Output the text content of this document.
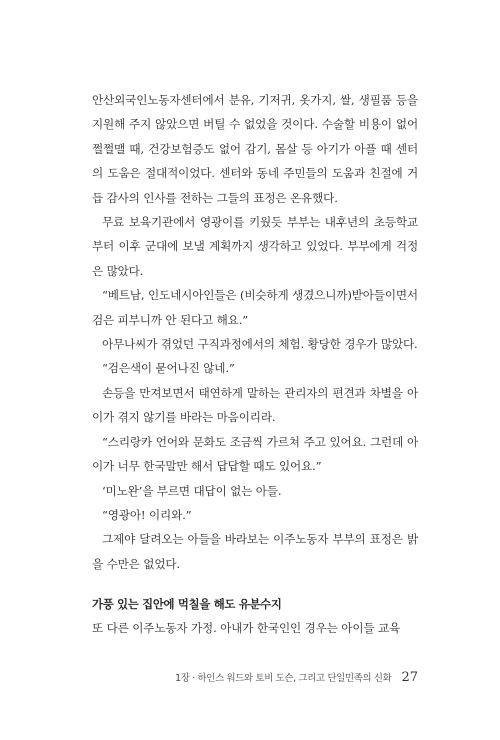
안산외국인노동자센터에서 분유, 기저귀, 옷가지, 쌀, 생필품 등을 지원해 주지 않았으면 버틸 수 없었을 것이다. 수술할 비용이 없어 쩔쩔맬 때, 건강보험증도 없어 감기, 몸살 등 아기가 아플 때 센터의 도움은 절대적이었다. 센터와 동네 주민들의 도움과 친절에 거듭 감사의 인사를 전하는 그들의 표정은 온유했다.

무료 보육기관에서 영광이를 키웠듯 부부는 내후년의 초등학교부터 이후 군대에 보낼 계획까지 생각하고 있었다. 부부에게 걱정은 많았다.

“베트남, 인도네시아인들은 (비슷하게 생겼으니까)받아들이면서 검은 피부니까 안 된다고 해요.”

아무나씨가 겪었던 구직과정에서의 체험. 황당한 경우가 많았다.

“검은색이 묻어나진 않네.”

손등을 만져보면서 태연하게 말하는 관리자의 편견과 차별을 아이가 겪지 않기를 바라는 마음이리라.

“스리랑카 언어와 문화도 조금씩 가르쳐 주고 있어요. 그런데 아이가 너무 한국말만 해서 답답할 때도 있어요.”

‘미노완’을 부르면 대답이 없는 아들.

“영광아! 이리와.”

그제야 달려오는 아들을 바라보는 이주노동자 부부의 표정은 밝을 수만은 없었다.

가풍 있는 집안에 먹칠을 해도 유분수지
또 다른 이주노동자 가정. 아내가 한국인인 경우는 아이들 교육
1장 · 하인스 워드와 토비 도슨, 그리고 단일민족의 신화 27
